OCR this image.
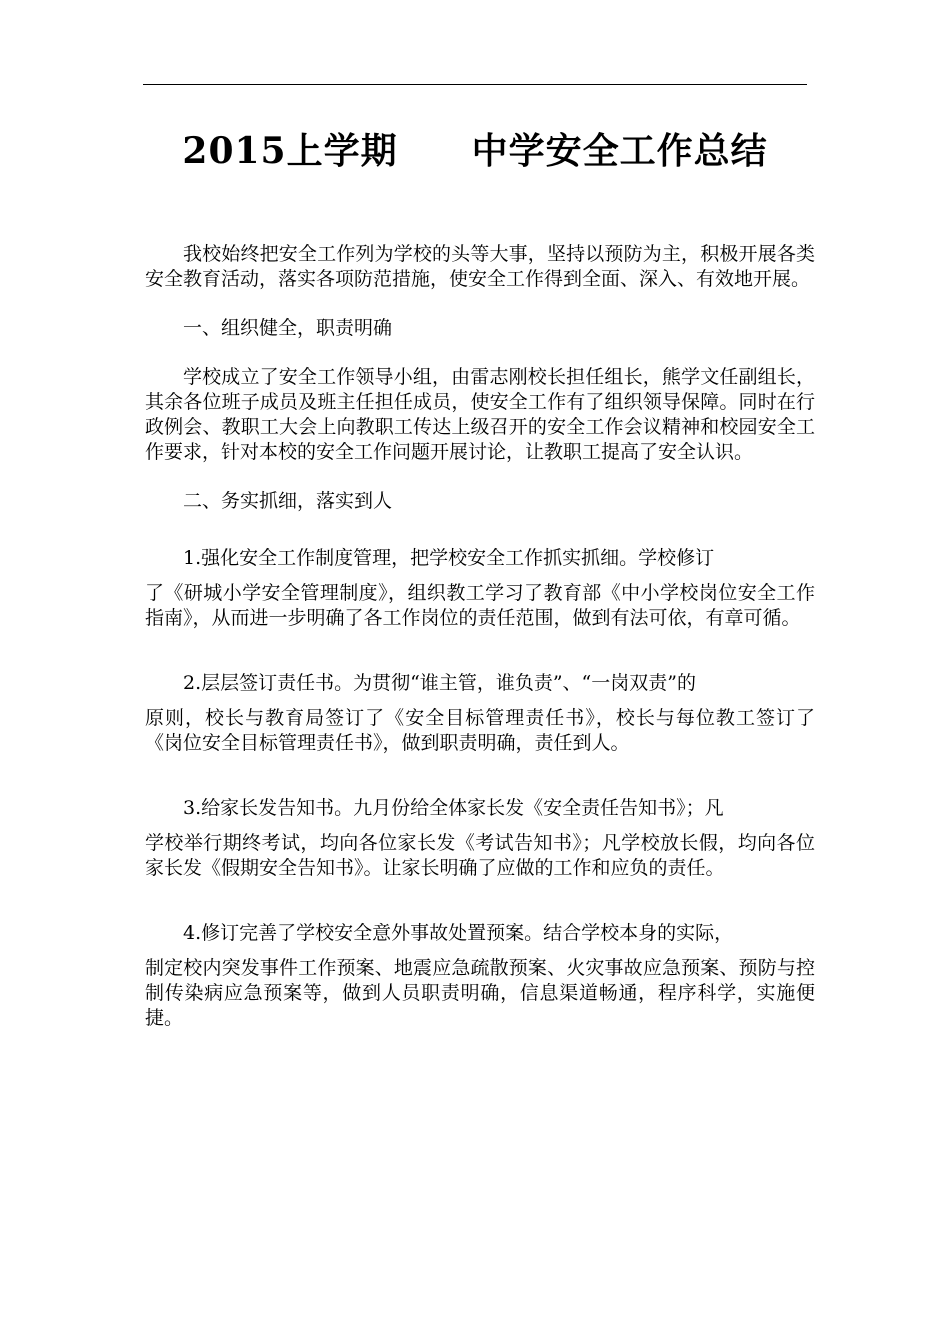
2015上学期　　中学安全工作总结

我校始终把安全工作列为学校的头等大事，坚持以预防为主，积极开展各类安全教育活动，落实各项防范措施，使安全工作得到全面、深入、有效地开展。

一、组织健全，职责明确

学校成立了安全工作领导小组，由雷志刚校长担任组长，熊学文任副组长，其余各位班子成员及班主任担任成员，使安全工作有了组织领导保障。同时在行政例会、教职工大会上向教职工传达上级召开的安全工作会议精神和校园安全工作要求，针对本校的安全工作问题开展讨论，让教职工提高了安全认识。

二、务实抓细，落实到人

1.强化安全工作制度管理，把学校安全工作抓实抓细。学校修订
了《研城小学安全管理制度》，组织教工学习了教育部《中小学校岗位安全工作指南》，从而进一步明确了各工作岗位的责任范围，做到有法可依，有章可循。
2.层层签订责任书。为贯彻“谁主管，谁负责”、“一岗双责”的
原则，校长与教育局签订了《安全目标管理责任书》，校长与每位教工签订了《岗位安全目标管理责任书》，做到职责明确，责任到人。
3.给家长发告知书。九月份给全体家长发《安全责任告知书》；凡
学校举行期终考试，均向各位家长发《考试告知书》；凡学校放长假，均向各位家长发《假期安全告知书》。让家长明确了应做的工作和应负的责任。
4.修订完善了学校安全意外事故处置预案。结合学校本身的实际，
制定校内突发事件工作预案、地震应急疏散预案、火灾事故应急预案、预防与控制传染病应急预案等，做到人员职责明确，信息渠道畅通，程序科学，实施便捷。
